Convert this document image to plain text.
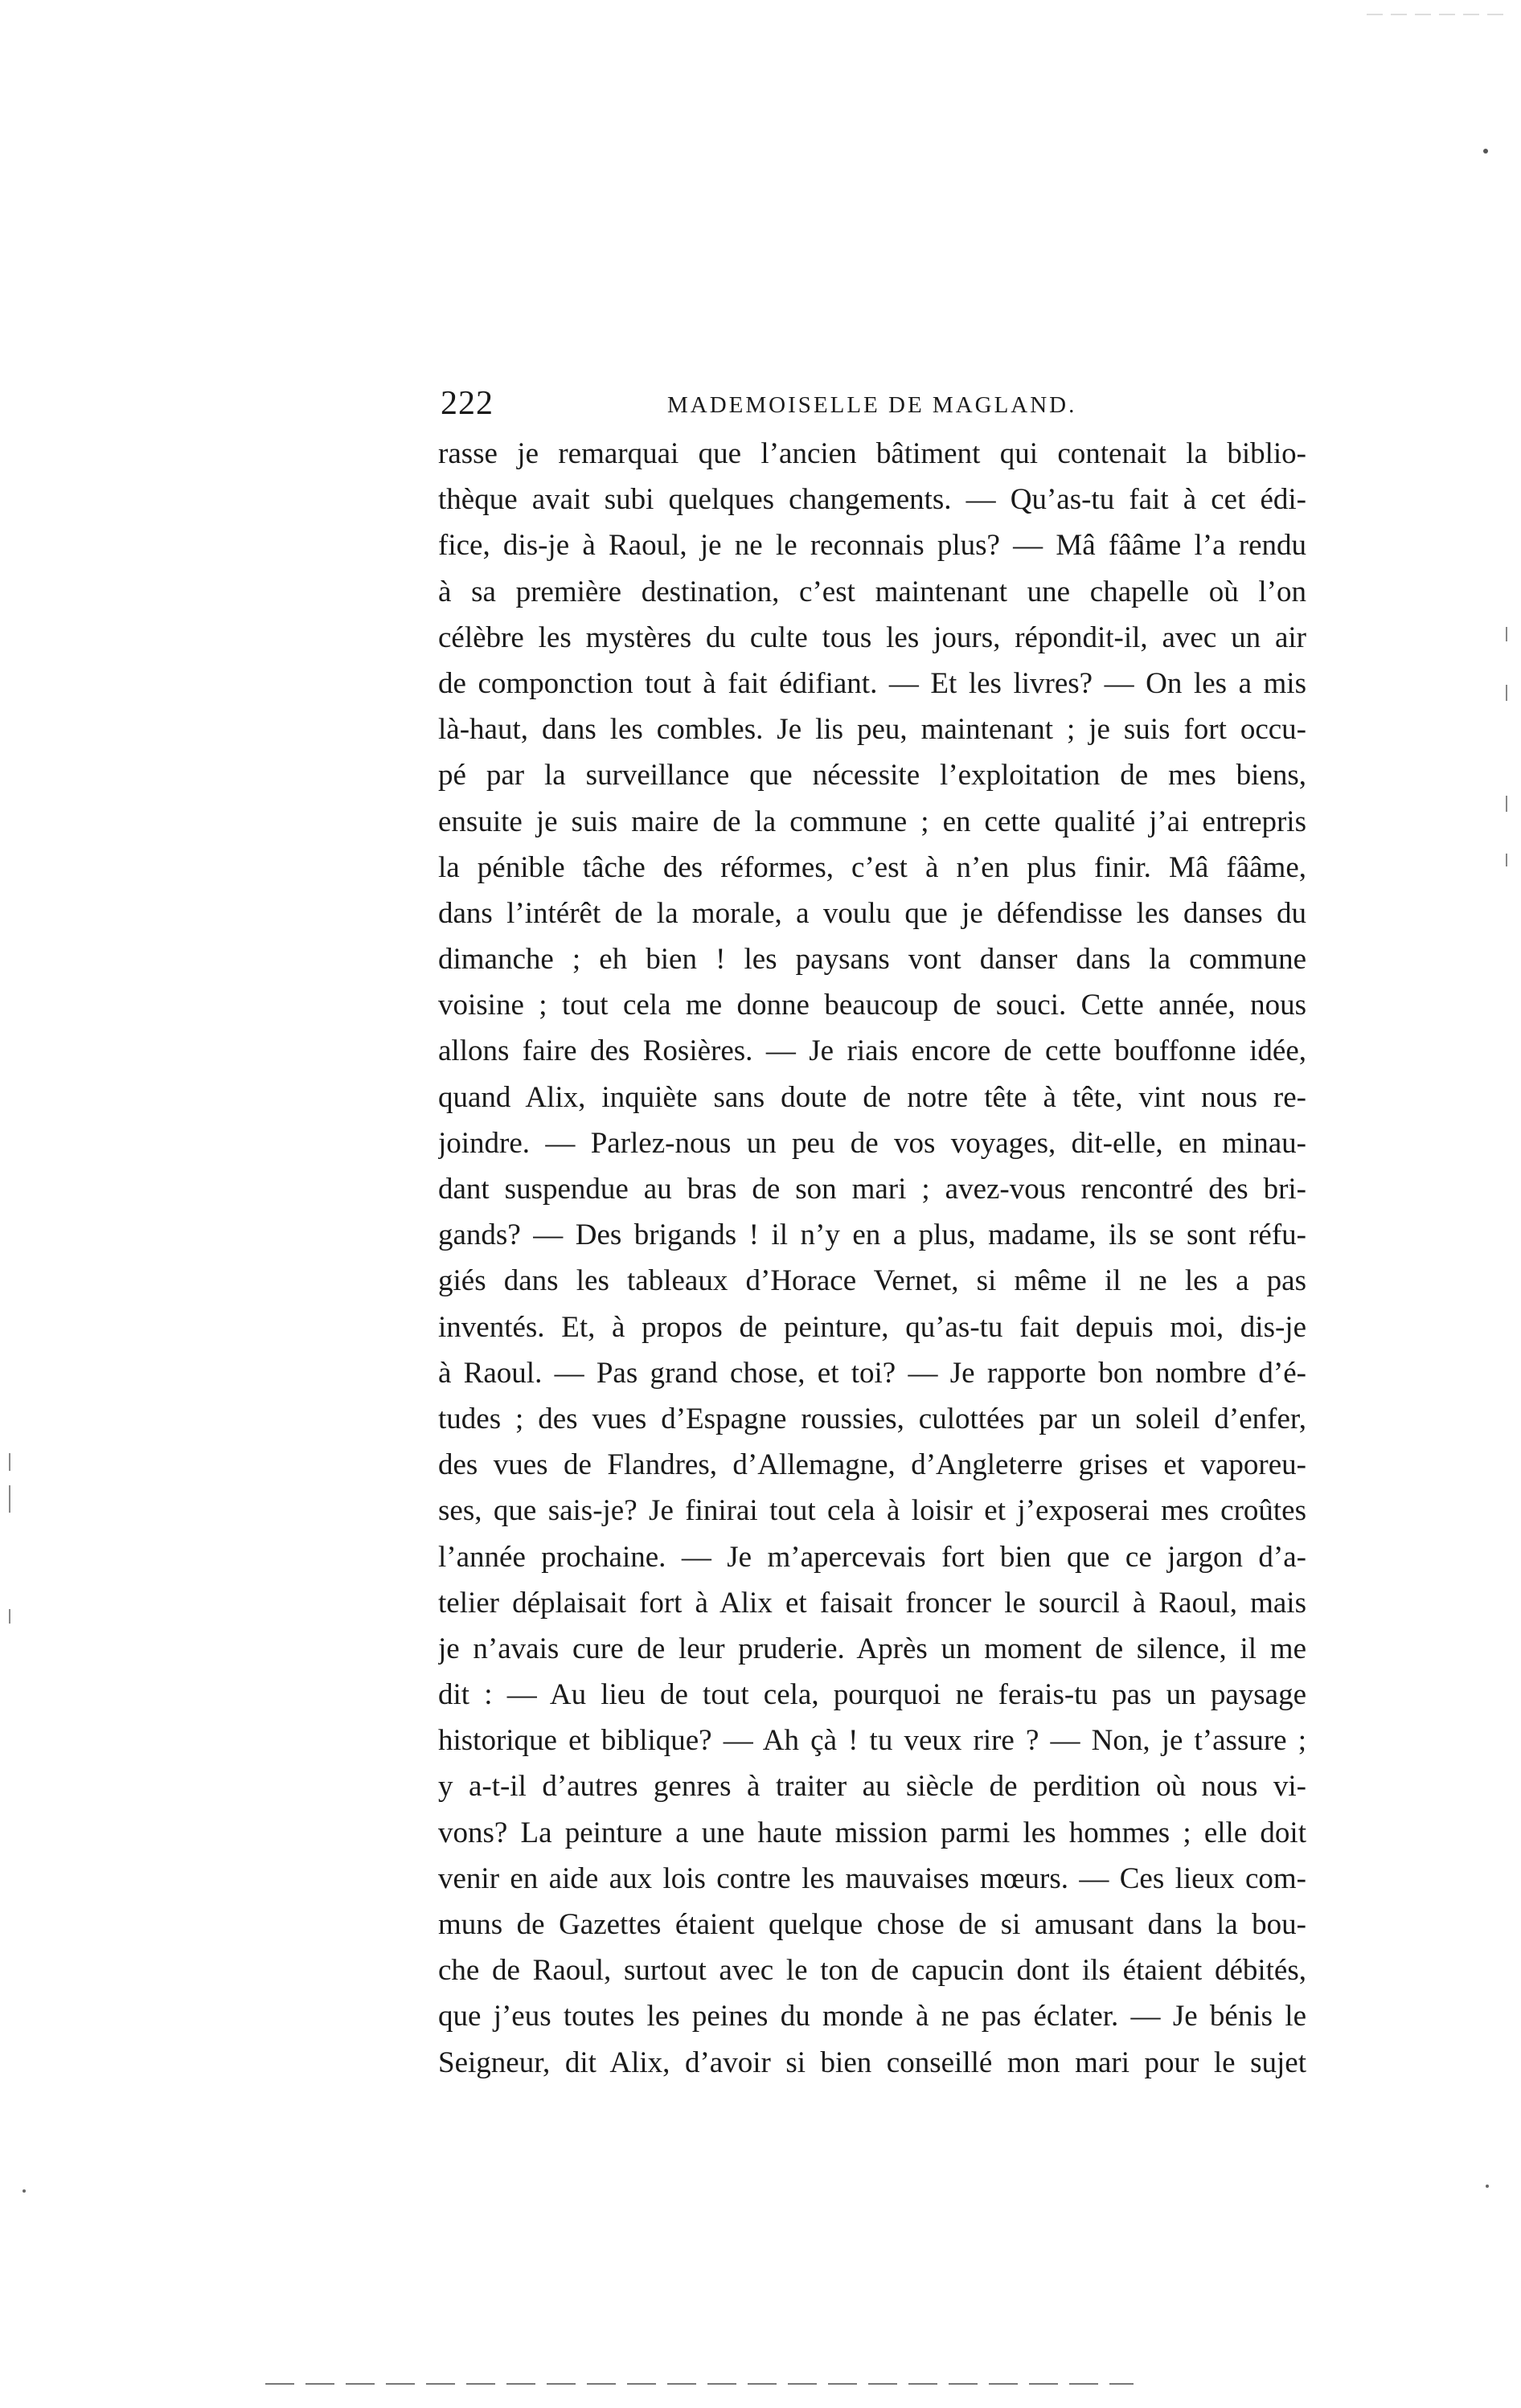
222	MADEMOISELLE DE MAGLAND.
rasse je remarquai que l’ancien bâtiment qui contenait la biblio-
thèque avait subi quelques changements. — Qu’as-tu fait à cet édi-
fice, dis-je à Raoul, je ne le reconnais plus? — Mâ fââme l’a rendu
à sa première destination, c’est maintenant une chapelle où l’on
célèbre les mystères du culte tous les jours, répondit-il, avec un air
de componction tout à fait édifiant. — Et les livres? — On les a mis
là-haut, dans les combles. Je lis peu, maintenant ; je suis fort occu-
pé par la surveillance que nécessite l’exploitation de mes biens,
ensuite je suis maire de la commune ; en cette qualité j’ai entrepris
la pénible tâche des réformes, c’est à n’en plus finir. Mâ fââme,
dans l’intérêt de la morale, a voulu que je défendisse les danses du
dimanche ; eh bien ! les paysans vont danser dans la commune
voisine ; tout cela me donne beaucoup de souci. Cette année, nous
allons faire des Rosières. — Je riais encore de cette bouffonne idée,
quand Alix, inquiète sans doute de notre tête à tête, vint nous re-
joindre. — Parlez-nous un peu de vos voyages, dit-elle, en minau-
dant suspendue au bras de son mari ; avez-vous rencontré des bri-
gands? — Des brigands ! il n’y en a plus, madame, ils se sont réfu-
giés dans les tableaux d’Horace Vernet, si même il ne les a pas
inventés. Et, à propos de peinture, qu’as-tu fait depuis moi, dis-je
à Raoul. — Pas grand chose, et toi? — Je rapporte bon nombre d’é-
tudes ; des vues d’Espagne roussies, culottées par un soleil d’enfer,
des vues de Flandres, d’Allemagne, d’Angleterre grises et vaporeu-
ses, que sais-je? Je finirai tout cela à loisir et j’exposerai mes croûtes
l’année prochaine. — Je m’apercevais fort bien que ce jargon d’a-
telier déplaisait fort à Alix et faisait froncer le sourcil à Raoul, mais
je n’avais cure de leur pruderie. Après un moment de silence, il me
dit : — Au lieu de tout cela, pourquoi ne ferais-tu pas un paysage
historique et biblique? — Ah çà ! tu veux rire ? — Non, je t’assure ;
y a-t-il d’autres genres à traiter au siècle de perdition où nous vi-
vons? La peinture a une haute mission parmi les hommes ; elle doit
venir en aide aux lois contre les mauvaises mœurs. — Ces lieux com-
muns de Gazettes étaient quelque chose de si amusant dans la bou-
che de Raoul, surtout avec le ton de capucin dont ils étaient débités,
que j’eus toutes les peines du monde à ne pas éclater. — Je bénis le
Seigneur, dit Alix, d’avoir si bien conseillé mon mari pour le sujet
